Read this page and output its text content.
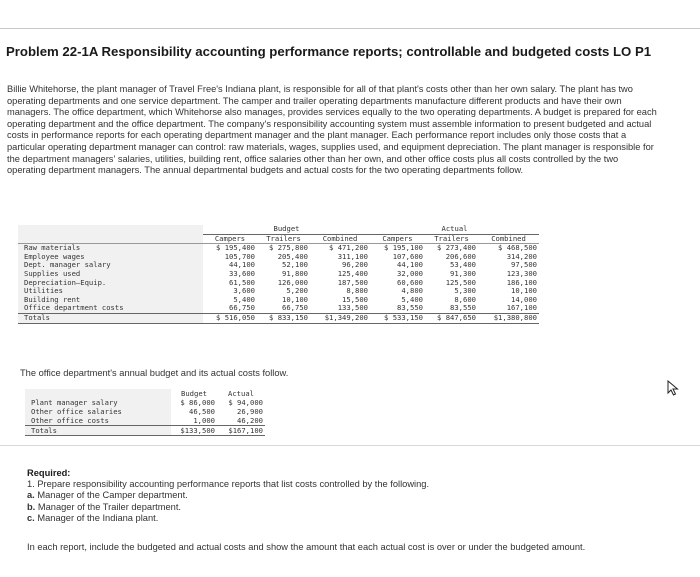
Problem 22-1A Responsibility accounting performance reports; controllable and budgeted costs LO P1

Billie Whitehorse, the plant manager of Travel Free's Indiana plant, is responsible for all of that plant's costs other than her own salary. The plant has two operating departments and one service department. The camper and trailer operating departments manufacture different products and have their own managers. The office department, which Whitehorse also manages, provides services equally to the two operating departments. A budget is prepared for each operating department and the office department. The company's responsibility accounting system must assemble information to present budgeted and actual costs in performance reports for each operating department manager and the plant manager. Each performance report includes only those costs that a particular operating department manager can control: raw materials, wages, supplies used, and equipment depreciation. The plant manager is responsible for the department managers' salaries, utilities, building rent, office salaries other than her own, and other office costs plus all costs controlled by the two operating department managers. The annual departmental budgets and actual costs for the two operating departments follow.

	Budget			Actual		
	Campers	Trailers	Combined	Campers	Trailers	Combined
Raw materials	$ 195,400	$ 275,800	$ 471,200	$ 195,100	$ 273,400	$ 468,500
Employee wages	105,700	205,400	311,100	107,600	206,600	314,200
Dept. manager salary	44,100	52,100	96,200	44,100	53,400	97,500
Supplies used	33,600	91,800	125,400	32,000	91,300	123,300
Depreciation—Equip.	61,500	126,000	187,500	60,600	125,500	186,100
Utilities	3,600	5,200	8,800	4,800	5,300	10,100
Building rent	5,400	10,100	15,500	5,400	8,600	14,000
Office department costs	66,750	66,750	133,500	83,550	83,550	167,100
Totals	$ 516,050	$ 833,150	$1,349,200	$ 533,150	$ 847,650	$1,380,800
The office department's annual budget and its actual costs follow.
	Budget	Actual
Plant manager salary	$ 86,000	$ 94,000
Other office salaries	46,500	26,900
Other office costs	1,000	46,200
Totals	$133,500	$167,100
Required:
1. Prepare responsibility accounting performance reports that list costs controlled by the following.
a. Manager of the Camper department.
b. Manager of the Trailer department.
c. Manager of the Indiana plant.
In each report, include the budgeted and actual costs and show the amount that each actual cost is over or under the budgeted amount.
